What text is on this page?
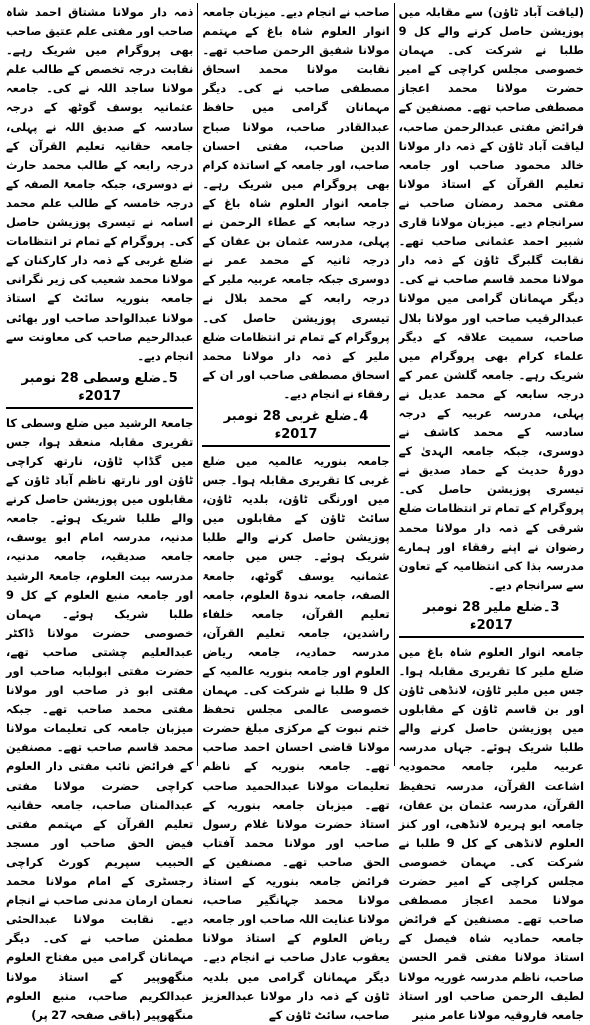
ذمہ دار مولانا مشتاق احمد شاہ صاحب اور مفتی علم عتیق صاحب بھی پروگرام میں شریک رہے۔ نقابت درجہ تخصص کے طالب علم مولانا ساجد اللہ نے کی۔ جامعہ عثمانیہ یوسف گوٹھ کے درجہ سادسہ کے صدیق اللہ نے پہلی، جامعہ حقانیہ تعلیم القرآن کے درجہ رابعہ کے طالب محمد حارث نے دوسری، جبکہ جامعۃ الصفہ کے درجہ خامسہ کے طالب علم محمد اسامہ نے تیسری پوزیشن حاصل کی۔ پروگرام کے تمام تر انتظامات ضلع غربی کے ذمہ دار کارکنان کے مولانا محمد شعیب کی زیر نگرانی جامعہ بنوریہ سائٹ کے استاذ مولانا عبدالواحد صاحب اور بھائی عبدالرحیم صاحب کی معاونت سے انجام دیے۔

5۔ضلع وسطی 28 نومبر 2017ء

جامعۃ الرشید میں ضلع وسطی کا تقریری مقابلہ منعقد ہوا، جس میں گڈاپ ٹاؤن، نارتھ کراچی ٹاؤن اور نارتھ ناظم آباد ٹاؤن کے مقابلوں میں پوزیشن حاصل کرنے والے طلبا شریک ہوئے۔ جامعہ مدنیہ، مدرسہ امام ابو یوسف، جامعہ صدیقیہ، جامعہ مدنیہ، مدرسہ بیت العلوم، جامعۃ الرشید اور جامعہ منبع العلوم کے کل 9 طلبا شریک ہوئے۔ مہمان خصوصی حضرت مولانا ڈاکٹر عبدالعلیم چشتی صاحب تھے، حضرت مفتی ابولبابہ صاحب اور مفتی ابو ذر صاحب اور مولانا مفتی محمد صاحب تھے۔ جبکہ میزبان جامعہ کی تعلیمات مولانا محمد قاسم صاحب تھے۔ مصنفین کے فرائض نائب مفتی دار العلوم کراچی حضرت مولانا مفتی عبدالمنان صاحب، جامعہ حقانیہ تعلیم القرآن کے مہتمم مفتی فیض الحق صاحب اور مسجد الحبیب سپریم کورٹ کراچی رجسٹری کے امام مولانا محمد نعمان ارمان مدنی صاحب نے انجام دیے۔ نقابت مولانا عبدالحئی مطمئن صاحب نے کی۔ دیگر مہمانان گرامی میں مفتاح العلوم منگھوپیر کے استاذ مولانا عبدالکریم صاحب، منبع العلوم منگھوپیر (باقی صفحہ 27 پر)

صاحب نے انجام دیے۔ میزبان جامعہ انوار العلوم شاہ باغ کے مہتمم مولانا شفیق الرحمن صاحب تھے۔ نقابت مولانا محمد اسحاق مصطفی صاحب نے کی۔ دیگر مہمانان گرامی میں حافظ عبدالقادر صاحب، مولانا صباح الدین صاحب، مفتی احسان صاحب، اور جامعہ کے اساتذہ کرام بھی پروگرام میں شریک رہے۔ جامعہ انوار العلوم شاہ باغ کے درجہ سابعہ کے عطاء الرحمن نے پہلی، مدرسہ عثمان بن عفان کے درجہ ثانیہ کے محمد عمر نے دوسری جبکہ جامعہ عربیہ ملیر کے درجہ رابعہ کے محمد بلال نے تیسری پوزیشن حاصل کی۔ پروگرام کے تمام تر انتظامات ضلع ملیر کے ذمہ دار مولانا محمد اسحاق مصطفی صاحب اور ان کے رفقاء نے انجام دیے۔

4۔ضلع غربی 28 نومبر 2017ء

جامعہ بنوریہ عالمیہ میں ضلع غربی کا تقریری مقابلہ ہوا۔ جس میں اورنگی ٹاؤن، بلدیہ ٹاؤن، سائٹ ٹاؤن کے مقابلوں میں پوزیشن حاصل کرنے والے طلبا شریک ہوئے۔ جس میں جامعہ عثمانیہ یوسف گوٹھ، جامعۃ الصفہ، جامعہ ندوۃ العلوم، جامعہ تعلیم القرآن، جامعہ خلفاء راشدین، جامعہ تعلیم القرآن، مدرسہ حمادیہ، جامعہ ریاض العلوم اور جامعہ بنوریہ عالمیہ کے کل 9 طلبا نے شرکت کی۔ مہمان خصوصی عالمی مجلس تحفظ ختم نبوت کے مرکزی مبلغ حضرت مولانا قاضی احسان احمد صاحب تھے۔ جامعہ بنوریہ کے ناظم تعلیمات مولانا عبدالحمید صاحب تھے۔ میزبان جامعہ بنوریہ کے استاذ حضرت مولانا غلام رسول صاحب اور مولانا محمد آفتاب الحق صاحب تھے۔ مصنفین کے فرائض جامعہ بنوریہ کے استاذ مولانا محمد جہانگیر صاحب، مولانا عنایت اللہ صاحب اور جامعہ ریاض العلوم کے استاذ مولانا یعقوب عادل صاحب نے انجام دیے۔ دیگر مہمانان گرامی میں بلدیہ ٹاؤن کے ذمہ دار مولانا عبدالعزیز صاحب، سائٹ ٹاؤن کے

(لیاقت آباد ٹاؤن) سے مقابلہ میں پوزیشن حاصل کرنے والے کل 9 طلبا نے شرکت کی۔ مہمان خصوصی مجلس کراچی کے امیر حضرت مولانا محمد اعجاز مصطفی صاحب تھے۔ مصنفین کے فرائض مفتی عبدالرحمن صاحب، لیاقت آباد ٹاؤن کے ذمہ دار مولانا خالد محمود صاحب اور جامعہ تعلیم القرآن کے استاذ مولانا مفتی محمد رمضان صاحب نے سرانجام دیے۔ میزبان مولانا قاری شبیر احمد عثمانی صاحب تھے۔ نقابت گلبرگ ٹاؤن کے ذمہ دار مولانا محمد قاسم صاحب نے کی۔ دیگر مہمانان گرامی میں مولانا عبدالرقیب صاحب اور مولانا بلال صاحب، سمیت علاقہ کے دیگر علماء کرام بھی پروگرام میں شریک رہے۔ جامعہ گلشن عمر کے درجہ سابعہ کے محمد عدیل نے پہلی، مدرسہ عربیہ کے درجہ سادسہ کے محمد کاشف نے دوسری، جبکہ جامعہ الہدیٰ کے دورۂ حدیث کے حماد صدیق نے تیسری پوزیشن حاصل کی۔ پروگرام کے تمام تر انتظامات ضلع شرقی کے ذمہ دار مولانا محمد رضوان نے اپنے رفقاء اور ہمارے مدرسہ بذا کی انتظامیہ کے تعاون سے سرانجام دیے۔

3۔ضلع ملیر 28 نومبر 2017ء

جامعہ انوار العلوم شاہ باغ میں ضلع ملیر کا تقریری مقابلہ ہوا۔ جس میں ملیر ٹاؤن، لانڈھی ٹاؤن اور بن قاسم ٹاؤن کے مقابلوں میں پوزیشن حاصل کرنے والے طلبا شریک ہوئے۔ جہاں مدرسہ عربیہ ملیر، جامعہ محمودیہ اشاعت القرآن، مدرسہ تحفیظ القرآن، مدرسہ عثمان بن عفان، جامعہ ابو ہریرہ لانڈھی، اور کنز العلوم لانڈھی کے کل 9 طلبا نے شرکت کی۔ مہمان خصوصی مجلس کراچی کے امیر حضرت مولانا محمد اعجاز مصطفی صاحب تھے۔ مصنفین کے فرائض جامعہ حمادیہ شاہ فیصل کے استاذ مولانا مفتی قمر الحسن صاحب، ناظم مدرسہ غوریہ مولانا لطیف الرحمن صاحب اور استاذ جامعہ فاروقیہ مولانا عامر منیر
